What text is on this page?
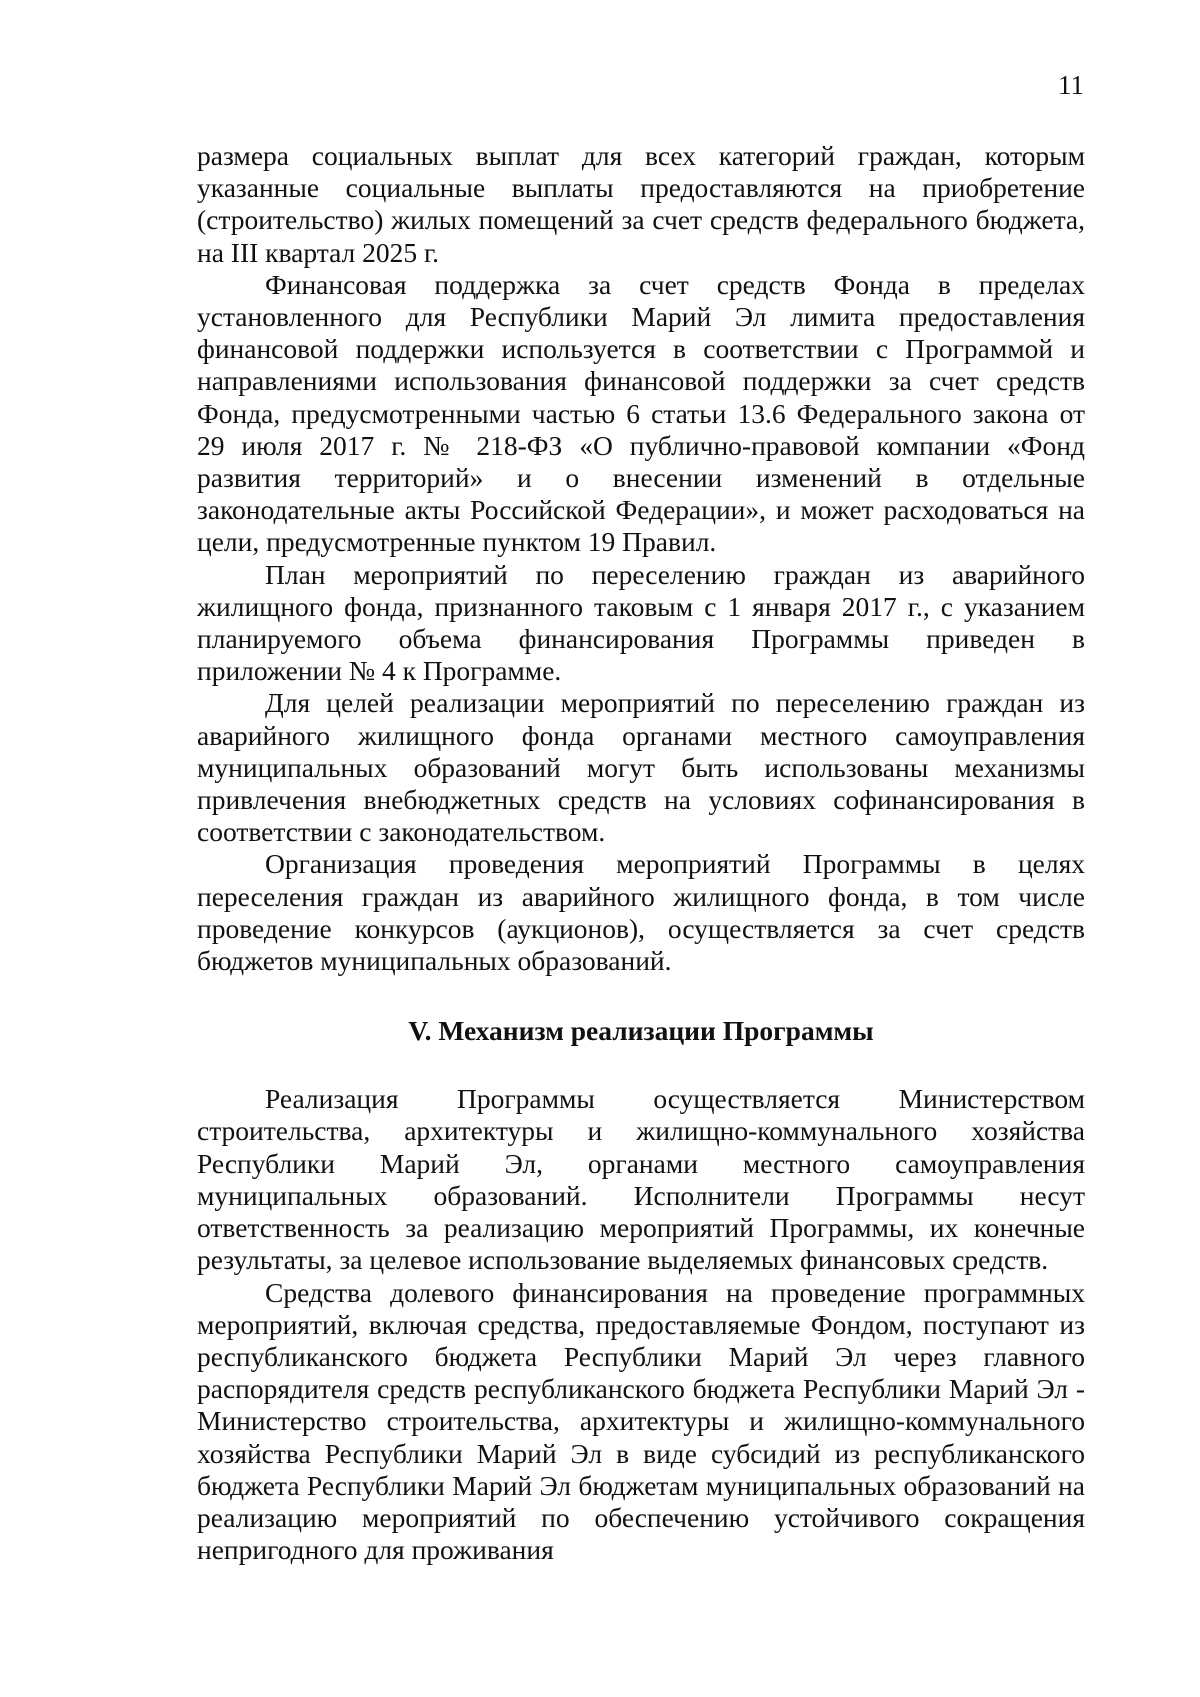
11

размера социальных выплат для всех категорий граждан, которым указанные социальные выплаты предоставляются на приобретение (строительство) жилых помещений за счет средств федерального бюджета, на III квартал 2025 г.

Финансовая поддержка за счет средств Фонда в пределах установленного для Республики Марий Эл лимита предоставления финансовой поддержки используется в соответствии с Программой и направлениями использования финансовой поддержки за счет средств Фонда, предусмотренными частью 6 статьи 13.6 Федерального закона от 29 июля 2017 г. № 218-ФЗ «О публично-правовой компании «Фонд развития территорий» и о внесении изменений в отдельные законодательные акты Российской Федерации», и может расходоваться на цели, предусмотренные пунктом 19 Правил.

План мероприятий по переселению граждан из аварийного жилищного фонда, признанного таковым с 1 января 2017 г., с указанием планируемого объема финансирования Программы приведен в приложении № 4 к Программе.

Для целей реализации мероприятий по переселению граждан из аварийного жилищного фонда органами местного самоуправления муниципальных образований могут быть использованы механизмы привлечения внебюджетных средств на условиях софинансирования в соответствии с законодательством.

Организация проведения мероприятий Программы в целях переселения граждан из аварийного жилищного фонда, в том числе проведение конкурсов (аукционов), осуществляется за счет средств бюджетов муниципальных образований.

V. Механизм реализации Программы

Реализация Программы осуществляется Министерством строительства, архитектуры и жилищно-коммунального хозяйства Республики Марий Эл, органами местного самоуправления муниципальных образований. Исполнители Программы несут ответственность за реализацию мероприятий Программы, их конечные результаты, за целевое использование выделяемых финансовых средств.

Средства долевого финансирования на проведение программных мероприятий, включая средства, предоставляемые Фондом, поступают из республиканского бюджета Республики Марий Эл через главного распорядителя средств республиканского бюджета Республики Марий Эл - Министерство строительства, архитектуры и жилищно-коммунального хозяйства Республики Марий Эл в виде субсидий из республиканского бюджета Республики Марий Эл бюджетам муниципальных образований на реализацию мероприятий по обеспечению устойчивого сокращения непригодного для проживания
